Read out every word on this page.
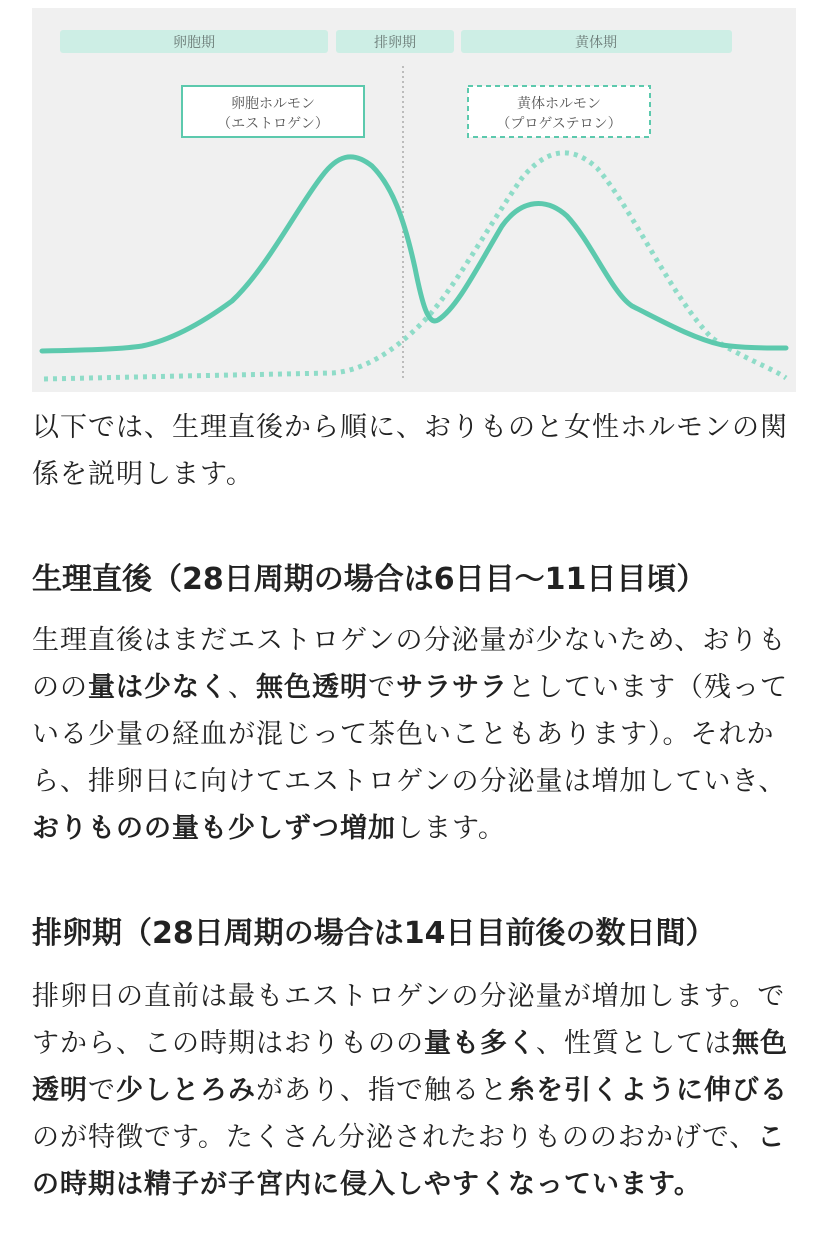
卵胞期	排卵期	黄体期
卵胞ホルモン
（エストロゲン）
黄体ホルモン
（プロゲステロン）
以下では、生理直後から順に、おりものと女性ホルモンの関
係を説明します。
生理直後（28日周期の場合は6日目〜11日目頃）
生理直後はまだエストロゲンの分泌量が少ないため、おりも
のの量は少なく、無色透明でサラサラとしています（残って
いる少量の経血が混じって茶色いこともあります）。それか
ら、排卵日に向けてエストロゲンの分泌量は増加していき、
おりものの量も少しずつ増加します。
排卵期（28日周期の場合は14日目前後の数日間）
排卵日の直前は最もエストロゲンの分泌量が増加します。で
すから、この時期はおりものの量も多く、性質としては無色
透明で少しとろみがあり、指で触ると糸を引くように伸びる
のが特徴です。たくさん分泌されたおりもののおかげで、こ
の時期は精子が子宮内に侵入しやすくなっています。
